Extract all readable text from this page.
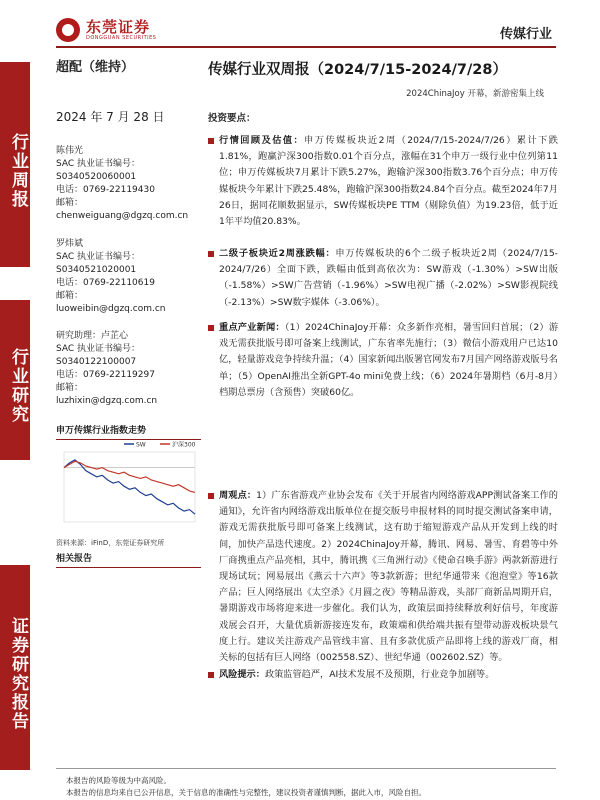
东莞证券
DONGGUAN SECURITIES	传媒行业
行业周报
行业研究
证券研究报告
超配（维持）
2024 年 7 月 28 日
陈伟光
SAC 执业证书编号：
S0340520060001
电话：0769-22119430
邮箱：
chenweiguang@dgzq.com.cn
罗炜斌
SAC 执业证书编号：
S0340521020001
电话：0769-22110619
邮箱：
luoweibin@dgzq.com.cn
研究助理：卢芷心
SAC 执业证书编号：
S0340122100007
电话：0769-22119297
邮箱：
luzhixin@dgzq.com.cn
申万传媒行业指数走势
SW	沪深300
资料来源：iFinD，东莞证券研究所
相关报告
传媒行业双周报（2024/7/15-2024/7/28）
2024ChinaJoy 开幕，新游密集上线
投资要点：
行情回顾及估值：申万传媒板块近2周（2024/7/15-2024/7/26）累计下跌1.81%，跑赢沪深300指数0.01个百分点，涨幅在31个申万一级行业中位列第11位；申万传媒板块7月累计下跌5.27%，跑输沪深300指数3.76个百分点；申万传媒板块今年累计下跌25.48%，跑输沪深300指数24.84个百分点。截至2024年7月26日，据同花顺数据显示，SW传媒板块PE TTM（剔除负值）为19.23倍，低于近1年平均值20.83%。
二级子板块近2周涨跌幅：申万传媒板块的6个二级子板块近2周（2024/7/15-2024/7/26）全面下跌，跌幅由低到高依次为：SW游戏（-1.30%）>SW出版（-1.58%）>SW广告营销（-1.96%）>SW电视广播（-2.02%）>SW影视院线（-2.13%）>SW数字媒体（-3.06%）。
重点产业新闻：（1）2024ChinaJoy开幕：众多新作亮相，暑雪回归首展；（2）游戏无需获批版号即可备案上线测试，广东省率先施行；（3）微信小游戏用户已达10亿，轻量游戏竞争持续升温；（4）国家新闻出版署官网发布7月国产网络游戏版号名单；（5）OpenAI推出全新GPT-4o mini免费上线；（6）2024年暑期档（6月-8月）档期总票房（含预售）突破60亿。
周观点：1）广东省游戏产业协会发布《关于开展省内网络游戏APP测试备案工作的通知》，允许省内网络游戏出版单位在提交版号申报材料的同时提交测试备案申请，游戏无需获批版号即可备案上线测试，这有助于缩短游戏产品从开发到上线的时间，加快产品迭代速度。2）2024ChinaJoy开幕，腾讯、网易、暑雪、育碧等中外厂商携重点产品亮相，其中，腾讯携《三角洲行动》《使命召唤手游》两款新游进行现场试玩；网易展出《燕云十六声》等3款新游；世纪华通带来《泡泡堂》等16款产品；巨人网络展出《太空杀》《月圆之夜》等精品游戏，头部厂商新品周期开启，暑期游戏市场将迎来进一步催化。我们认为，政策层面持续释放利好信号，年度游戏展会召开，大量优质新游接连发布，政策端和供给端共振有望带动游戏板块景气度上行。建议关注游戏产品管线丰富、且有多款优质产品即将上线的游戏厂商，相关标的包括有巨人网络（002558.SZ）、世纪华通（002602.SZ）等。
风险提示：政策监管趋严，AI技术发展不及预期，行业竞争加剧等。
本报告的风险等级为中高风险。
本报告的信息均来自已公开信息，关于信息的准确性与完整性，建议投资者谨慎判断，据此入市，风险自担。
